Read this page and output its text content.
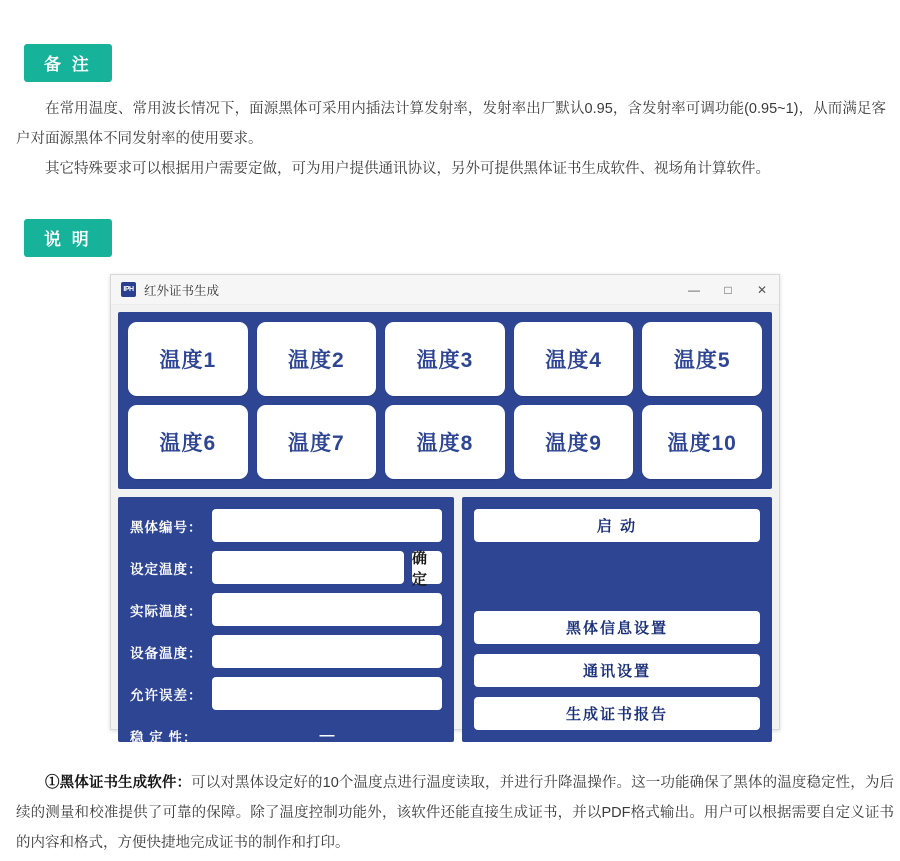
备 注
在常用温度、常用波长情况下，面源黑体可采用内插法计算发射率，发射率出厂默认0.95，含发射率可调功能(0.95~1)，从而满足客户对面源黑体不同发射率的使用要求。
其它特殊要求可以根据用户需要定做，可为用户提供通讯协议，另外可提供黑体证书生成软件、视场角计算软件。
说 明
IPH 红外证书生成	—	□	✕
温度1	温度2	温度3	温度4	温度5
温度6	温度7	温度8	温度9	温度10
黑体编号：
设定温度：
确定
实际温度：
设备温度：
允许误差：
稳 定 性：	—
启 动
黑体信息设置
通讯设置
生成证书报告
①黑体证书生成软件：可以对黑体设定好的10个温度点进行温度读取，并进行升降温操作。这一功能确保了黑体的温度稳定性，为后续的测量和校准提供了可靠的保障。除了温度控制功能外，该软件还能直接生成证书，并以PDF格式输出。用户可以根据需要自定义证书的内容和格式，方便快捷地完成证书的制作和打印。
